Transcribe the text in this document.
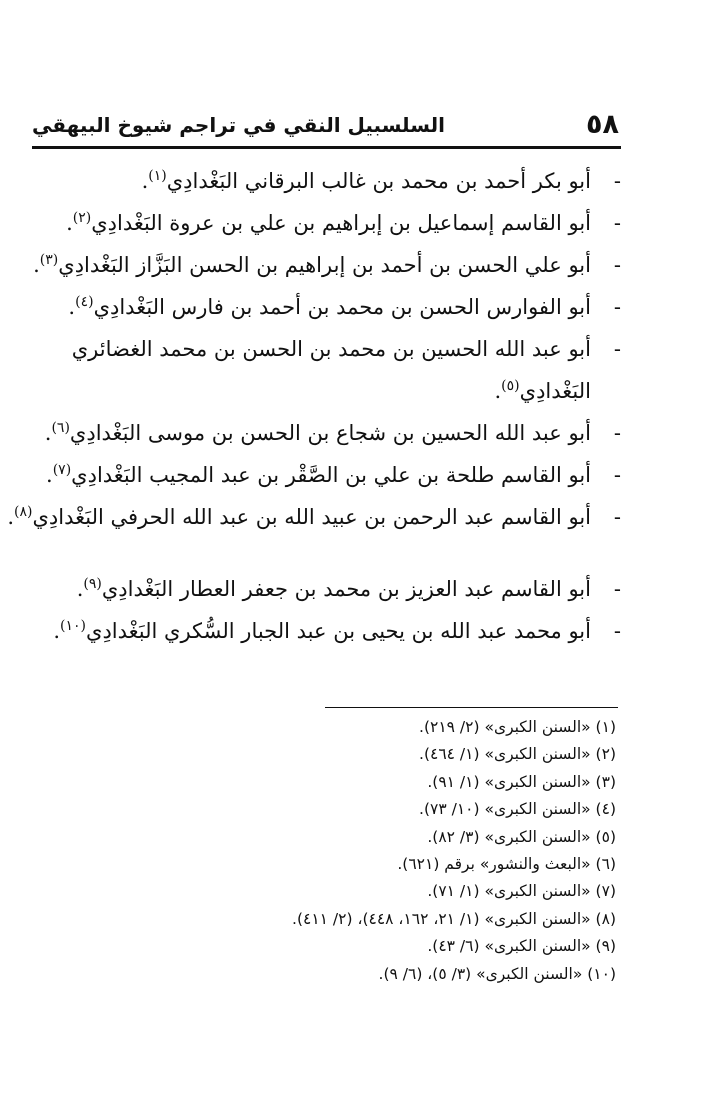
٥٨
السلسبيل النقي في تراجم شيوخ البيهقي
-
أبو بكر أحمد بن محمد بن غالب البرقاني البَغْدادِي$^{(١)}$.
-
أبو القاسم إسماعيل بن إبراهيم بن علي بن عروة البَغْدادِي$^{(٢)}$.
-
أبو علي الحسن بن أحمد بن إبراهيم بن الحسن البَزَّاز البَغْدادِي$^{(٣)}$.
-
أبو الفوارس الحسن بن محمد بن أحمد بن فارس البَغْدادِي$^{(٤)}$.
-
أبو عبد الله الحسين بن محمد بن الحسن بن محمد الغضائري البَغْدادِي$^{(٥)}$.
-
أبو عبد الله الحسين بن شجاع بن الحسن بن موسى البَغْدادِي$^{(٦)}$.
-
أبو القاسم طلحة بن علي بن الصَّقْر بن عبد المجيب البَغْدادِي$^{(٧)}$.
-
أبو القاسم عبد الرحمن بن عبيد الله بن عبد الله الحرفي البَغْدادِي$^{(٨)}$.
-
أبو القاسم عبد العزيز بن محمد بن جعفر العطار البَغْدادِي$^{(٩)}$.
-
أبو محمد عبد الله بن يحيى بن عبد الجبار السُّكري البَغْدادِي$^{(١٠)}$.
(١) «السنن الكبرى» (٢/ ٢١٩).
(٢) «السنن الكبرى» (١/ ٤٦٤).
(٣) «السنن الكبرى» (١/ ٩١).
(٤) «السنن الكبرى» (١٠/ ٧٣).
(٥) «السنن الكبرى» (٣/ ٨٢).
(٦) «البعث والنشور» برقم (٦٢١).
(٧) «السنن الكبرى» (١/ ٧١).
(٨) «السنن الكبرى» (١/ ٢١، ١٦٢، ٤٤٨)، (٢/ ٤١١).
(٩) «السنن الكبرى» (٦/ ٤٣).
(١٠) «السنن الكبرى» (٣/ ٥)، (٦/ ٩).
